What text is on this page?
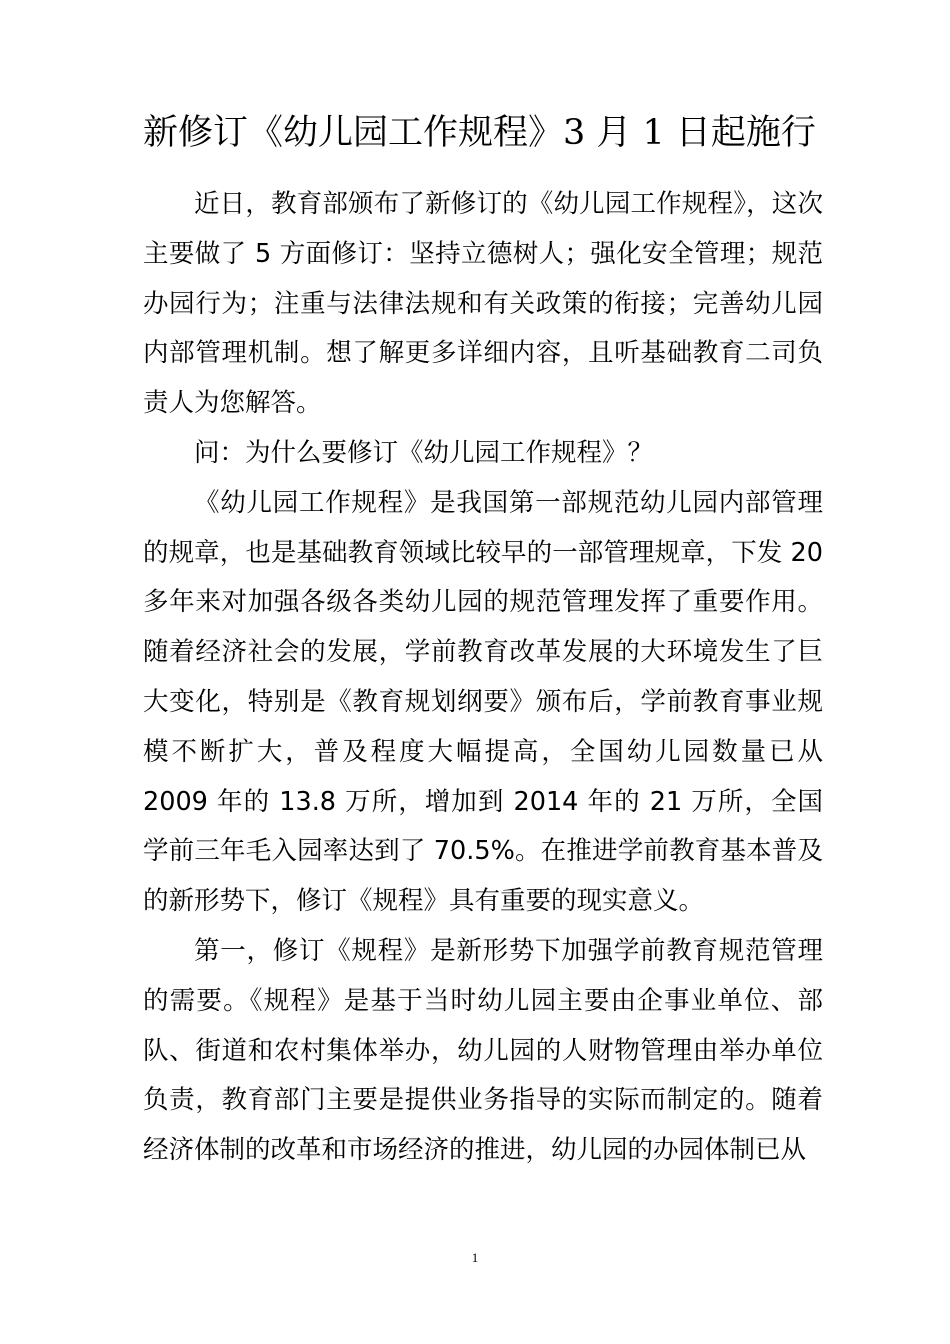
新修订《幼儿园工作规程》3 月 1 日起施行

近日，教育部颁布了新修订的《幼儿园工作规程》，这次主要做了 5 方面修订：坚持立德树人；强化安全管理；规范办园行为；注重与法律法规和有关政策的衔接；完善幼儿园内部管理机制。想了解更多详细内容，且听基础教育二司负责人为您解答。

问：为什么要修订《幼儿园工作规程》？

《幼儿园工作规程》是我国第一部规范幼儿园内部管理的规章，也是基础教育领域比较早的一部管理规章，下发 20 多年来对加强各级各类幼儿园的规范管理发挥了重要作用。随着经济社会的发展，学前教育改革发展的大环境发生了巨大变化，特别是《教育规划纲要》颁布后，学前教育事业规模不断扩大，普及程度大幅提高，全国幼儿园数量已从 2009 年的 13.8 万所，增加到 2014 年的 21 万所，全国学前三年毛入园率达到了 70.5%。在推进学前教育基本普及的新形势下，修订《规程》具有重要的现实意义。

第一，修订《规程》是新形势下加强学前教育规范管理的需要。《规程》是基于当时幼儿园主要由企事业单位、部队、街道和农村集体举办，幼儿园的人财物管理由举办单位负责，教育部门主要是提供业务指导的实际而制定的。随着经济体制的改革和市场经济的推进，幼儿园的办园体制已从

1
